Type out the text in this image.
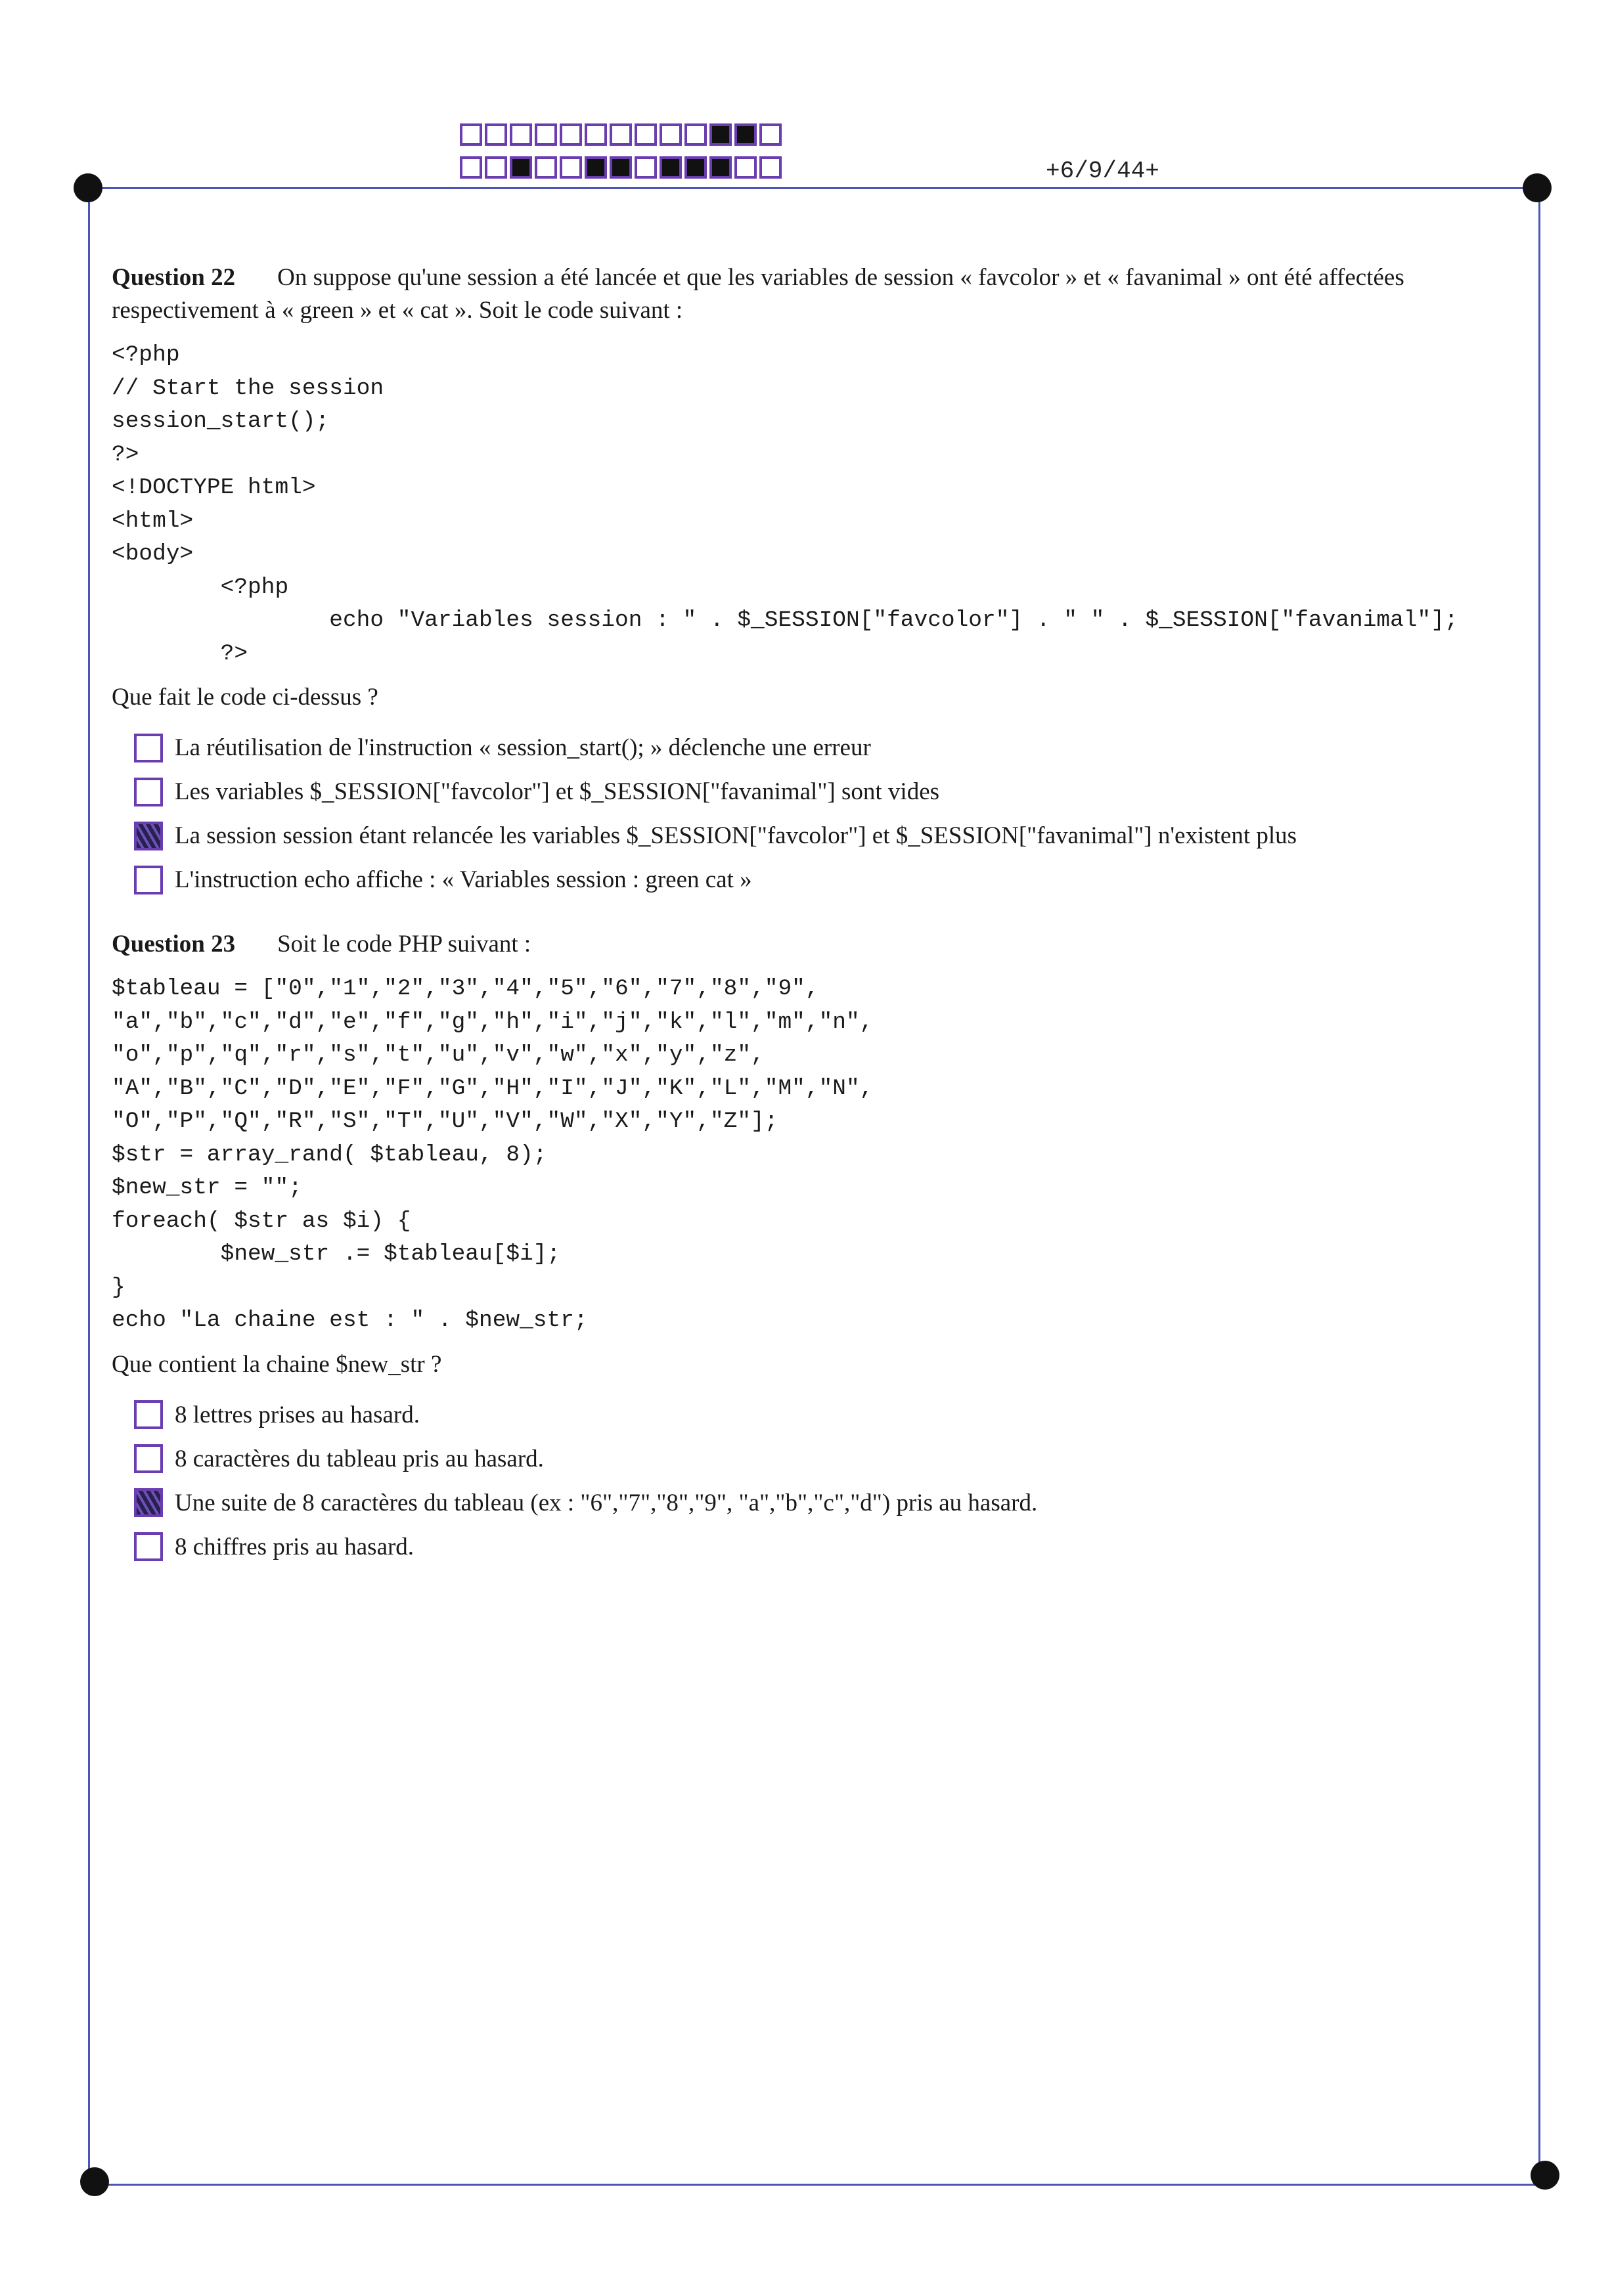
+6/9/44+

Question 22 On suppose qu'une session a été lancée et que les variables de session « favcolor » et « favanimal » ont été affectées respectivement à « green » et « cat ». Soit le code suivant :

<?php
// Start the session
session_start();
?>
<!DOCTYPE html>
<html>
<body>
<?php
echo "Variables session : " . $_SESSION["favcolor"] . " " . $_SESSION["favanimal"];
?>

Que fait le code ci-dessus ?

La réutilisation de l'instruction « session_start(); » déclenche une erreur
Les variables $_SESSION["favcolor"] et $_SESSION["favanimal"] sont vides
La session session étant relancée les variables $_SESSION["favcolor"] et $_SESSION["favanimal"] n'existent plus
L'instruction echo affiche : « Variables session : green cat »

Question 23 Soit le code PHP suivant :

$tableau = ["0","1","2","3","4","5","6","7","8","9",
"a","b","c","d","e","f","g","h","i","j","k","l","m","n",
"o","p","q","r","s","t","u","v","w","x","y","z",
"A","B","C","D","E","F","G","H","I","J","K","L","M","N",
"O","P","Q","R","S","T","U","V","W","X","Y","Z"];
$str = array_rand( $tableau, 8);
$new_str = "";
foreach( $str as $i) {
$new_str .= $tableau[$i];
}
echo "La chaine est : " . $new_str;

Que contient la chaine $new_str ?

8 lettres prises au hasard.
8 caractères du tableau pris au hasard.
Une suite de 8 caractères du tableau (ex : "6","7","8","9", "a","b","c","d") pris au hasard.
8 chiffres pris au hasard.
